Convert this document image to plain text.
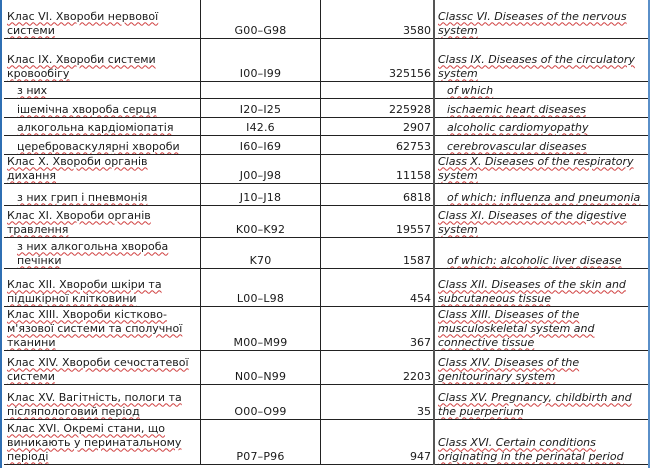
Клас VI. Хвороби нервової системи	G00–G98	3580	Classc VI. Diseases of the nervous system
Клас IX. Хвороби системи кровообігу	I00–I99	325156	Class IX. Diseases of the circulatory system
з них			of which
ішемічна хвороба серця	I20–I25	225928	ischaemic heart diseases
алкогольна кардіоміопатія	I42.6	2907	alcoholic cardiomyopathy
цереброваскулярні хвороби	I60–I69	62753	cerebrovascular diseases
Клас X. Хвороби органів дихання	J00–J98	11158	Class X. Diseases of the respiratory system
з них грип і пневмонія	J10–J18	6818	of which: influenza and pneumonia
Клас XI. Хвороби органів травлення	K00–K92	19557	Class XI. Diseases of the digestive system
з них алкогольна хвороба печінки	K70	1587	of which: alcoholic liver disease
Клас XII. Хвороби шкіри та підшкірної клітковини	L00–L98	454	Class XII. Diseases of the skin and subcutaneous tissue
Клас XIII. Хвороби кістково-м'язової системи та сполучної тканини	M00–M99	367	Class XIII. Diseases of the musculoskeletal system and connective tissue
Клас XIV. Хвороби сечостатевої системи	N00–N99	2203	Class XIV. Diseases of the genitourinary system
Клас XV. Вагітність, пологи та післяпологовий період	O00–O99	35	Class XV. Pregnancy, childbirth and the puerperium
Клас XVI. Окремі стани, що виникають у перинатальному періоді	P07–P96	947	Class XVI. Certain conditions originating in the perinatal period
